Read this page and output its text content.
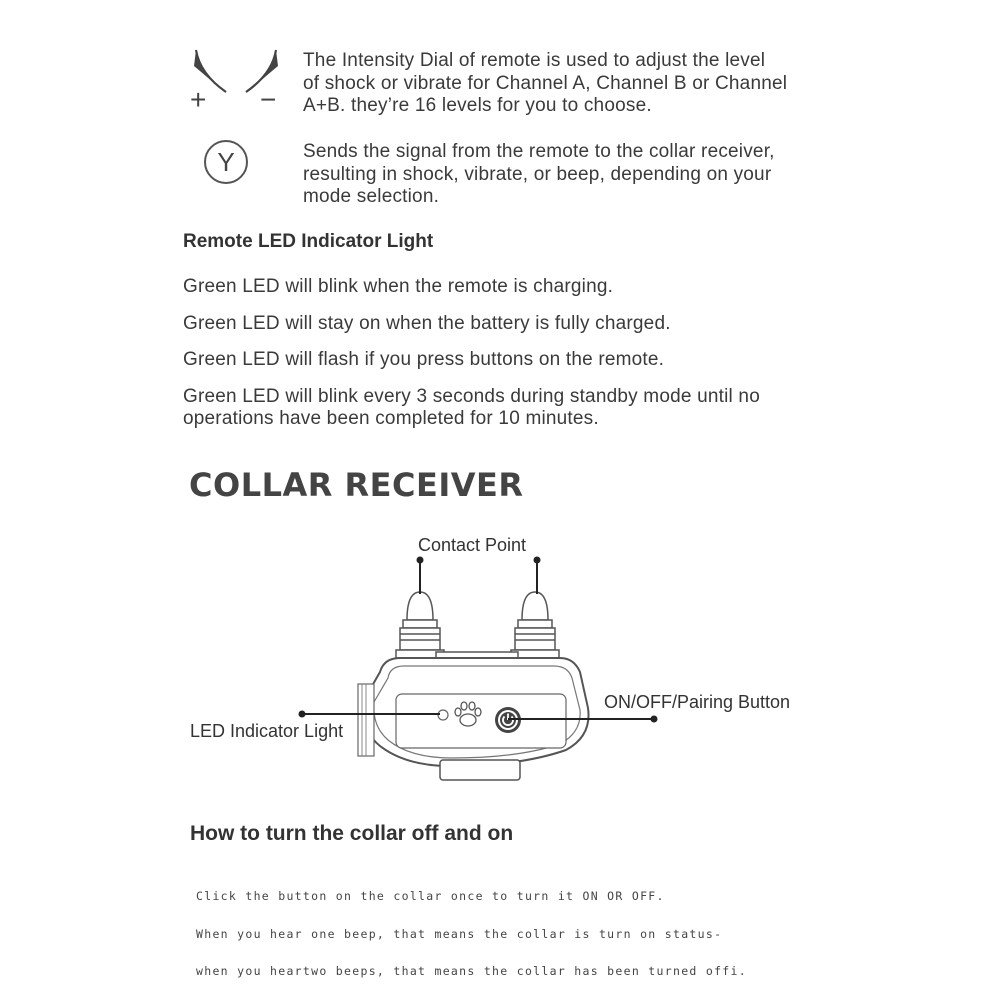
+ −
The Intensity Dial of remote is used to adjust the level
of shock or vibrate for Channel A, Channel B or Channel
A+B. they’re 16 levels for you to choose.
Y	Sends the signal from the remote to the collar receiver,
resulting in shock, vibrate, or beep, depending on your
mode selection.
Remote LED Indicator Light
Green LED will blink when the remote is charging.
Green LED will stay on when the battery is fully charged.
Green LED will flash if you press buttons on the remote.
Green LED will blink every 3 seconds during standby mode until no
operations have been completed for 10 minutes.
COLLAR RECEIVER
Contact Point
ON/OFF/Pairing Button
LED Indicator Light
How to turn the collar off and on

Click the button on the collar once to turn it ON OR OFF.

When you hear one beep, that means the collar is turn on status-

when you heartwo beeps, that means the collar has been turned offi.
